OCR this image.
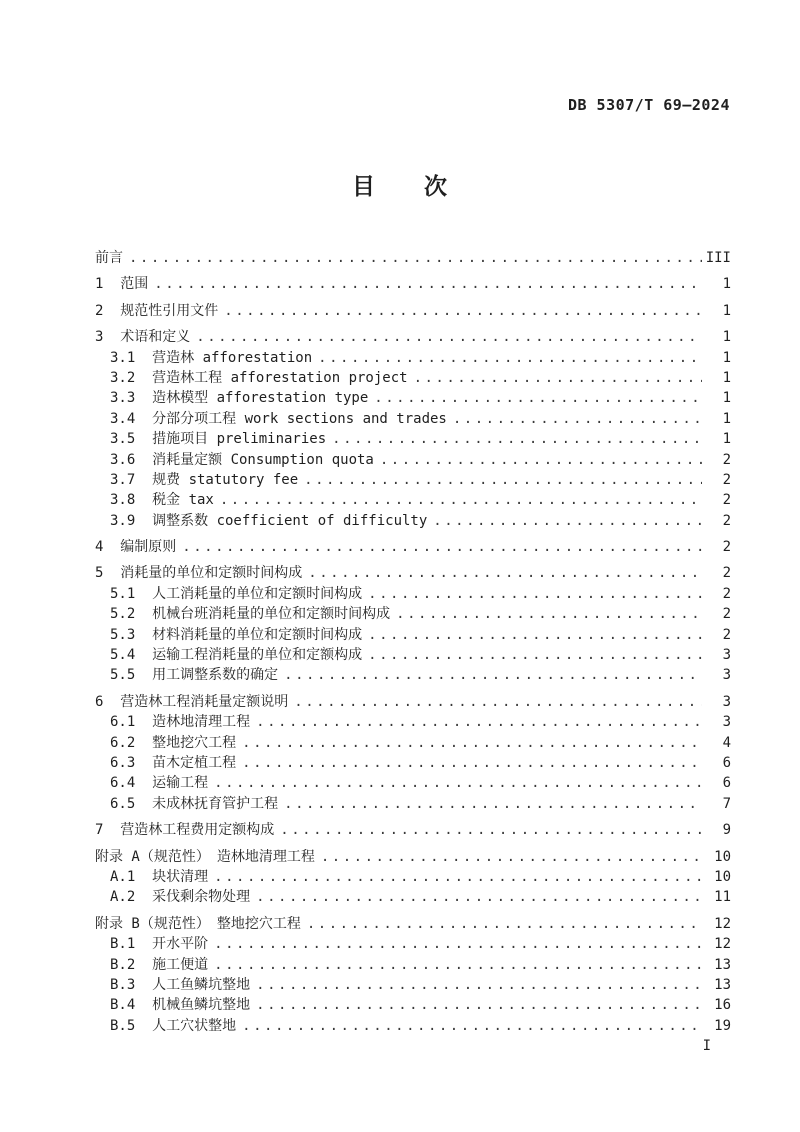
DB 5307/T 69—2024
目　　次
前言 .....	III
1  范围 .....	1
2  规范性引用文件 .....	1
3  术语和定义 .....	1
3.1  营造林 afforestation .....	1
3.2  营造林工程 afforestation project .....	1
3.3  造林模型 afforestation type .....	1
3.4  分部分项工程 work sections and trades .....	1
3.5  措施项目 preliminaries .....	1
3.6  消耗量定额 Consumption quota .....	2
3.7  规费 statutory fee .....	2
3.8  税金 tax .....	2
3.9  调整系数 coefficient of difficulty .....	2
4  编制原则 .....	2
5  消耗量的单位和定额时间构成 .....	2
5.1  人工消耗量的单位和定额时间构成 .....	2
5.2  机械台班消耗量的单位和定额时间构成 .....	2
5.3  材料消耗量的单位和定额时间构成 .....	2
5.4  运输工程消耗量的单位和定额构成 .....	3
5.5  用工调整系数的确定 .....	3
6  营造林工程消耗量定额说明 .....	3
6.1  造林地清理工程 .....	3
6.2  整地挖穴工程 .....	4
6.3  苗木定植工程 .....	6
6.4  运输工程 .....	6
6.5  未成林抚育管护工程 .....	7
7  营造林工程费用定额构成 .....	9
附录 A（规范性）　造林地清理工程 .....	10
A.1  块状清理 .....	10
A.2  采伐剩余物处理 .....	11
附录 B（规范性）　整地挖穴工程 .....	12
B.1  开水平阶 .....	12
B.2  施工便道 .....	13
B.3  人工鱼鳞坑整地 .....	13
B.4  机械鱼鳞坑整地 .....	16
B.5  人工穴状整地 .....	19
I
